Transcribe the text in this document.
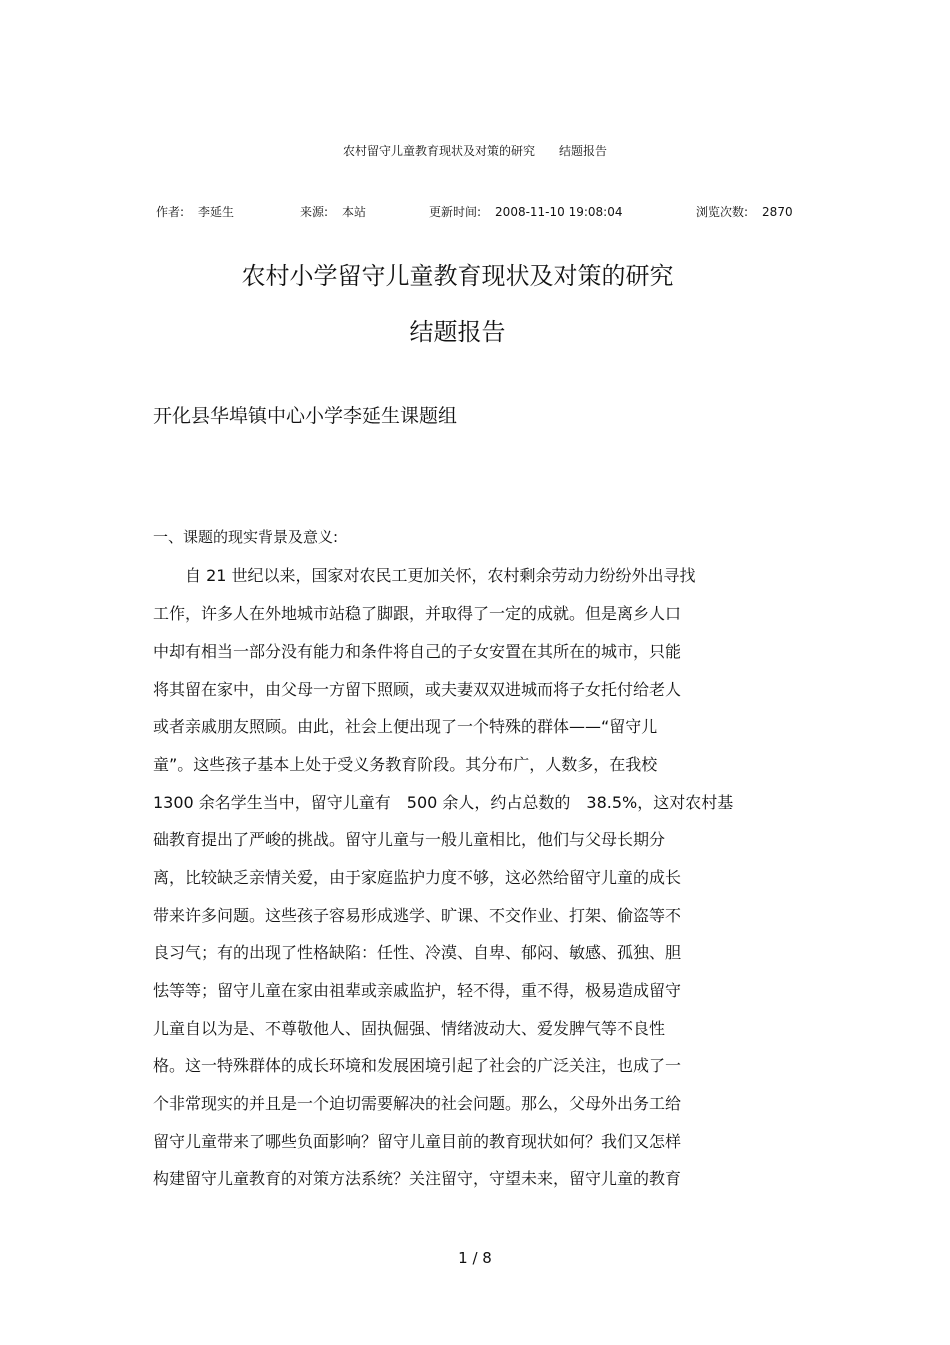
农村留守儿童教育现状及对策的研究　　结题报告
作者: 李延生	来源: 本站	更新时间: 2008-11-10 19:08:04	浏览次数: 2870
农村小学留守儿童教育现状及对策的研究
结题报告
开化县华埠镇中心小学李延生课题组
一、课题的现实背景及意义:
　　自 21 世纪以来，国家对农民工更加关怀，农村剩余劳动力纷纷外出寻找
工作，许多人在外地城市站稳了脚跟，并取得了一定的成就。但是离乡人口
中却有相当一部分没有能力和条件将自己的子女安置在其所在的城市，只能
将其留在家中，由父母一方留下照顾，或夫妻双双进城而将子女托付给老人
或者亲戚朋友照顾。由此，社会上便出现了一个特殊的群体——“留守儿
童”。这些孩子基本上处于受义务教育阶段。其分布广，人数多，在我校
1300 余名学生当中，留守儿童有　500 余人，约占总数的　38.5%，这对农村基
础教育提出了严峻的挑战。留守儿童与一般儿童相比，他们与父母长期分
离，比较缺乏亲情关爱，由于家庭监护力度不够，这必然给留守儿童的成长
带来许多问题。这些孩子容易形成逃学、旷课、不交作业、打架、偷盗等不
良习气；有的出现了性格缺陷：任性、冷漠、自卑、郁闷、敏感、孤独、胆
怯等等；留守儿童在家由祖辈或亲戚监护，轻不得，重不得，极易造成留守
儿童自以为是、不尊敬他人、固执倔强、情绪波动大、爱发脾气等不良性
格。这一特殊群体的成长环境和发展困境引起了社会的广泛关注，也成了一
个非常现实的并且是一个迫切需要解决的社会问题。那么，父母外出务工给
留守儿童带来了哪些负面影响？留守儿童目前的教育现状如何？我们又怎样
构建留守儿童教育的对策方法系统？关注留守，守望未来，留守儿童的教育
1 / 8
